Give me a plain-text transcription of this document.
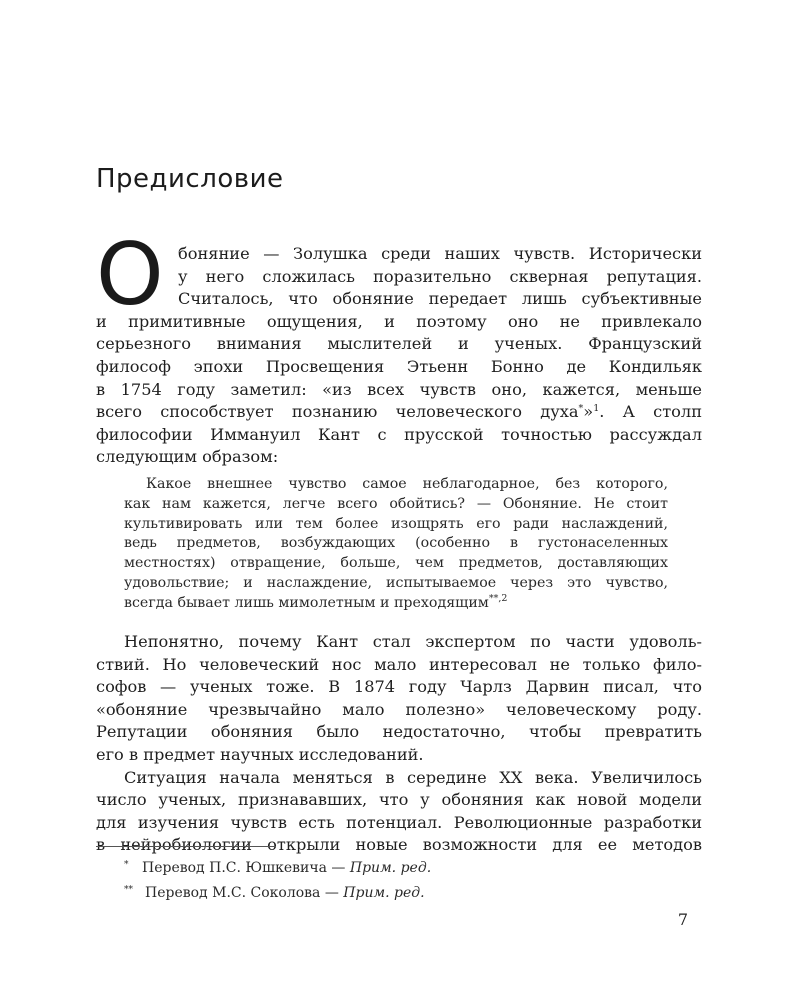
Предисловие
О боняние — Золушка среди наших чувств. Исторически
у него сложилась поразительно скверная репутация.
Считалось, что обоняние передает лишь субъективные
и примитивные ощущения, и поэтому оно не привлекало
серьезного внимания мыслителей и ученых. Французский
философ эпохи Просвещения Этьенн Бонно де Кондильяк
в 1754 году заметил: «из всех чувств оно, кажется, меньше
всего способствует познанию человеческого духа*»$^1$. А столп
философии Иммануил Кант с прусской точностью рассуждал
следующим образом:
Какое внешнее чувство самое неблагодарное, без которого,
как нам кажется, легче всего обойтись? — Обоняние. Не стоит
культивировать или тем более изощрять его ради наслаждений,
ведь предметов, возбуждающих (особенно в густонаселенных
местностях) отвращение, больше, чем предметов, доставляющих
удовольствие; и наслаждение, испытываемое через это чувство,
всегда бывает лишь мимолетным и преходящим$^{**,2}$
Непонятно, почему Кант стал экспертом по части удоволь-
ствий. Но человеческий нос мало интересовал не только фило-
софов — ученых тоже. В 1874 году Чарлз Дарвин писал, что
«обоняние чрезвычайно мало полезно» человеческому роду.
Репутации обоняния было недостаточно, чтобы превратить
его в предмет научных исследований.
Ситуация начала меняться в середине XX века. Увеличилось
число ученых, признававших, что у обоняния как новой модели
для изучения чувств есть потенциал. Революционные разработки
в нейробиологии открыли новые возможности для ее методов
* Перевод П.С. Юшкевича — Прим. ред.
** Перевод М.С. Соколова — Прим. ред.
7
